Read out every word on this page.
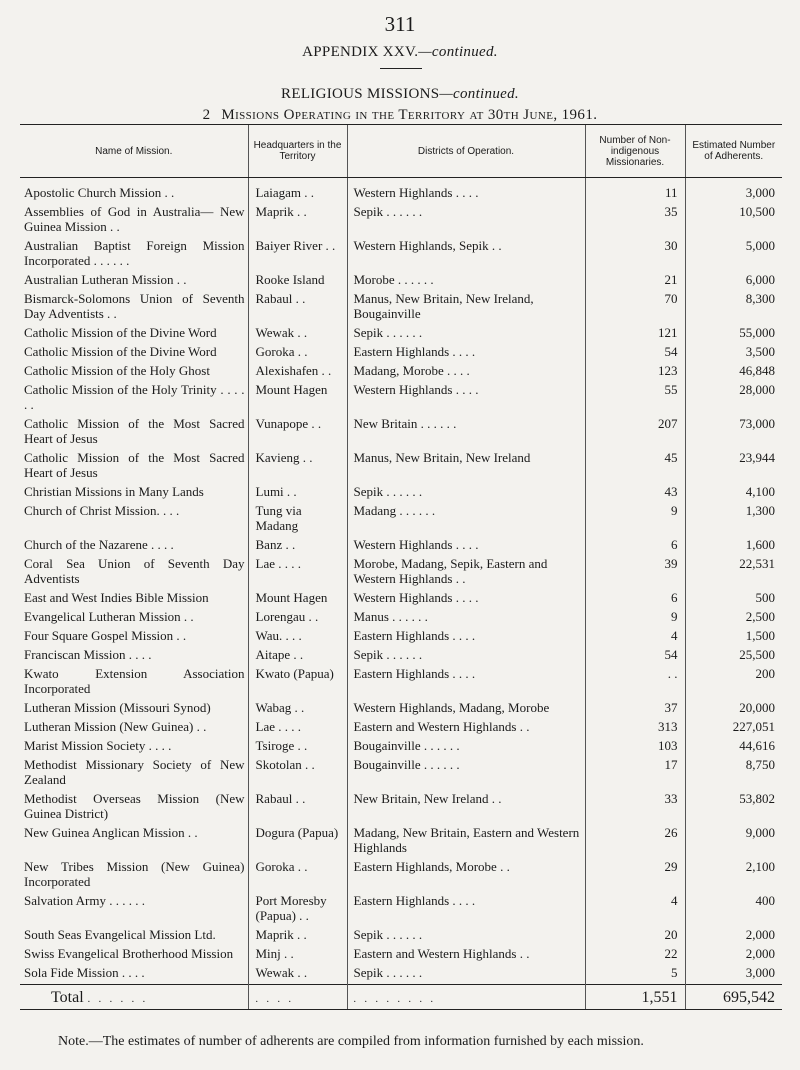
311
APPENDIX XXV.—continued.
RELIGIOUS MISSIONS—continued.
2 Missions Operating in the Territory at 30th June, 1961.
Name of Mission.	Headquarters in the Territory	Districts of Operation.	Number of Non-indigenous Missionaries.	Estimated Number of Adherents.
Apostolic Church Mission . .	Laiagam . .	Western Highlands . . . .	11	3,000
Assemblies of God in Australia— New Guinea Mission . .	Maprik . .	Sepik . . . . . .	35	10,500
Australian Baptist Foreign Mission Incorporated . . . . . .	Baiyer River . .	Western Highlands, Sepik . .	30	5,000
Australian Lutheran Mission . .	Rooke Island	Morobe . . . . . .	21	6,000
Bismarck-Solomons Union of Seventh Day Adventists . .	Rabaul . .	Manus, New Britain, New Ireland, Bougainville	70	8,300
Catholic Mission of the Divine Word	Wewak . .	Sepik . . . . . .	121	55,000
Catholic Mission of the Divine Word	Goroka . .	Eastern Highlands . . . .	54	3,500
Catholic Mission of the Holy Ghost	Alexishafen . .	Madang, Morobe . . . .	123	46,848
Catholic Mission of the Holy Trinity . . . . . .	Mount Hagen	Western Highlands . . . .	55	28,000
Catholic Mission of the Most Sacred Heart of Jesus	Vunapope . .	New Britain . . . . . .	207	73,000
Catholic Mission of the Most Sacred Heart of Jesus	Kavieng . .	Manus, New Britain, New Ireland	45	23,944
Christian Missions in Many Lands	Lumi . .	Sepik . . . . . .	43	4,100
Church of Christ Mission. . . .	Tung via Madang	Madang . . . . . .	9	1,300
Church of the Nazarene . . . .	Banz . .	Western Highlands . . . .	6	1,600
Coral Sea Union of Seventh Day Adventists	Lae . . . .	Morobe, Madang, Sepik, Eastern and Western Highlands . .	39	22,531
East and West Indies Bible Mission	Mount Hagen	Western Highlands . . . .	6	500
Evangelical Lutheran Mission . .	Lorengau . .	Manus . . . . . .	9	2,500
Four Square Gospel Mission . .	Wau. . . .	Eastern Highlands . . . .	4	1,500
Franciscan Mission . . . .	Aitape . .	Sepik . . . . . .	54	25,500
Kwato Extension Association Incorporated	Kwato (Papua)	Eastern Highlands . . . .	. .	200
Lutheran Mission (Missouri Synod)	Wabag . .	Western Highlands, Madang, Morobe	37	20,000
Lutheran Mission (New Guinea) . .	Lae . . . .	Eastern and Western Highlands . .	313	227,051
Marist Mission Society . . . .	Tsiroge . .	Bougainville . . . . . .	103	44,616
Methodist Missionary Society of New Zealand	Skotolan . .	Bougainville . . . . . .	17	8,750
Methodist Overseas Mission (New Guinea District)	Rabaul . .	New Britain, New Ireland . .	33	53,802
New Guinea Anglican Mission . .	Dogura (Papua)	Madang, New Britain, Eastern and Western Highlands	26	9,000
New Tribes Mission (New Guinea) Incorporated	Goroka . .	Eastern Highlands, Morobe . .	29	2,100
Salvation Army . . . . . .	Port Moresby (Papua) . .	Eastern Highlands . . . .	4	400
South Seas Evangelical Mission Ltd.	Maprik . .	Sepik . . . . . .	20	2,000
Swiss Evangelical Brotherhood Mission	Minj . .	Eastern and Western Highlands . .	22	2,000
Sola Fide Mission . . . .	Wewak . .	Sepik . . . . . .	5	3,000
Total . . . . . .	. . . .	. . . . . . . .	1,551	695,542
Note.—The estimates of number of adherents are compiled from information furnished by each mission.
